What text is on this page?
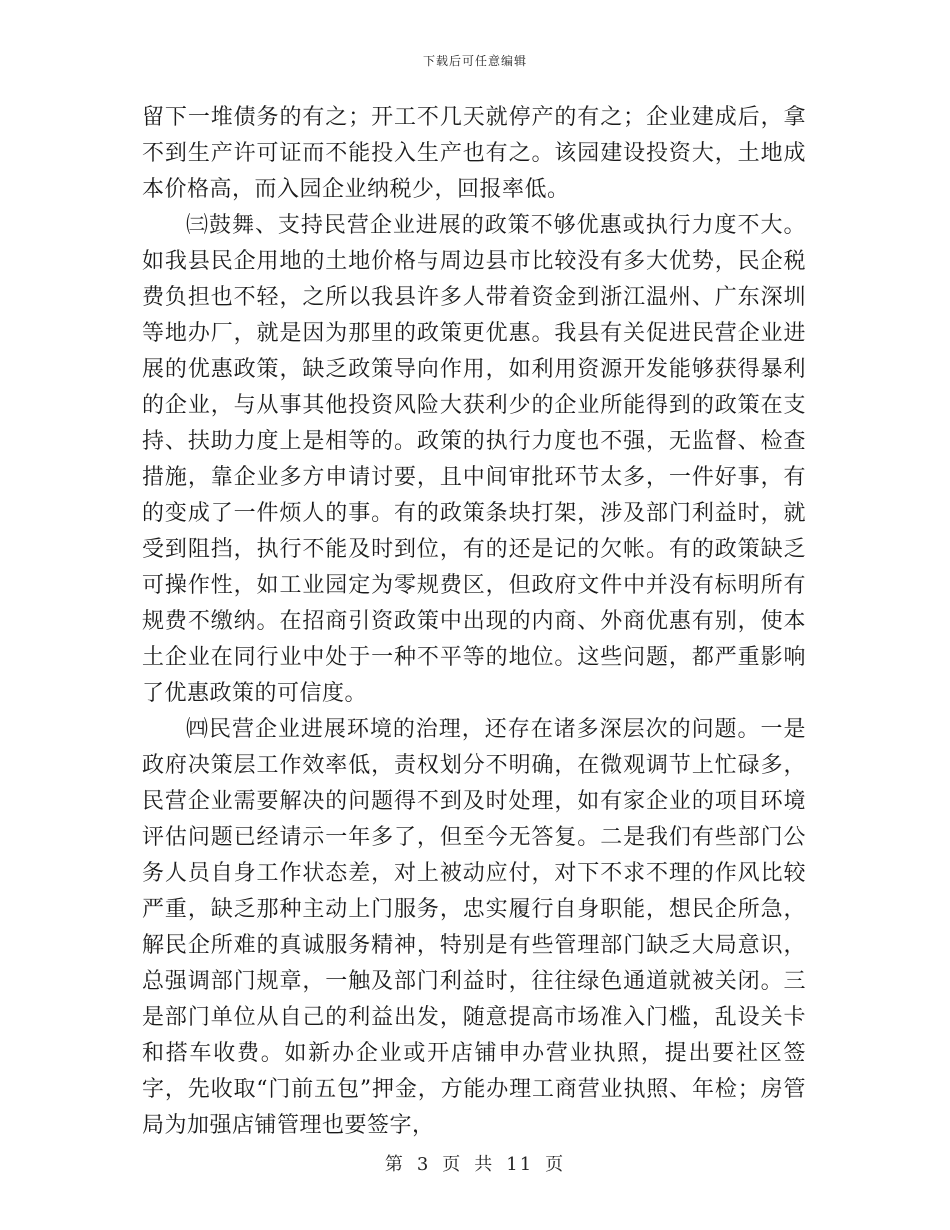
下载后可任意编辑

留下一堆债务的有之；开工不几天就停产的有之；企业建成后，拿不到生产许可证而不能投入生产也有之。该园建设投资大，土地成本价格高，而入园企业纳税少，回报率低。

㈢鼓舞、支持民营企业进展的政策不够优惠或执行力度不大。如我县民企用地的土地价格与周边县市比较没有多大优势，民企税费负担也不轻，之所以我县许多人带着资金到浙江温州、广东深圳等地办厂，就是因为那里的政策更优惠。我县有关促进民营企业进展的优惠政策，缺乏政策导向作用，如利用资源开发能够获得暴利的企业，与从事其他投资风险大获利少的企业所能得到的政策在支持、扶助力度上是相等的。政策的执行力度也不强，无监督、检查措施，靠企业多方申请讨要，且中间审批环节太多，一件好事，有的变成了一件烦人的事。有的政策条块打架，涉及部门利益时，就受到阻挡，执行不能及时到位，有的还是记的欠帐。有的政策缺乏可操作性，如工业园定为零规费区，但政府文件中并没有标明所有规费不缴纳。在招商引资政策中出现的内商、外商优惠有别，使本土企业在同行业中处于一种不平等的地位。这些问题，都严重影响了优惠政策的可信度。

㈣民营企业进展环境的治理，还存在诸多深层次的问题。一是政府决策层工作效率低，责权划分不明确，在微观调节上忙碌多，民营企业需要解决的问题得不到及时处理，如有家企业的项目环境评估问题已经请示一年多了，但至今无答复。二是我们有些部门公务人员自身工作状态差，对上被动应付，对下不求不理的作风比较严重，缺乏那种主动上门服务，忠实履行自身职能，想民企所急，解民企所难的真诚服务精神，特别是有些管理部门缺乏大局意识，总强调部门规章，一触及部门利益时，往往绿色通道就被关闭。三是部门单位从自己的利益出发，随意提高市场准入门槛，乱设关卡和搭车收费。如新办企业或开店铺申办营业执照，提出要社区签字，先收取“门前五包”押金，方能办理工商营业执照、年检；房管局为加强店铺管理也要签字，

第 3 页 共 11 页
